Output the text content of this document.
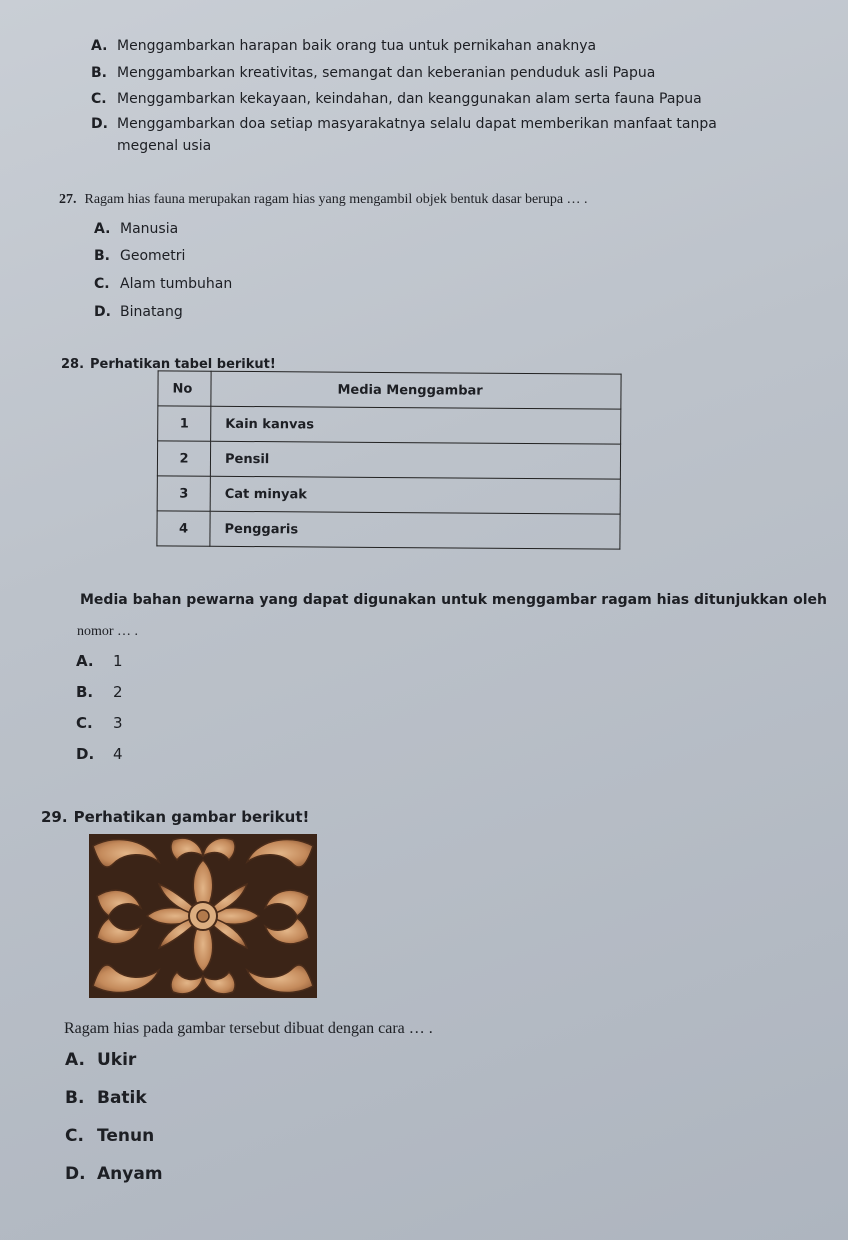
A. Menggambarkan harapan baik orang tua untuk pernikahan anaknya
B. Menggambarkan kreativitas, semangat dan keberanian penduduk asli Papua
C. Menggambarkan kekayaan, keindahan, dan keanggunakan alam serta fauna Papua
D. Menggambarkan doa setiap masyarakatnya selalu dapat memberikan manfaat tanpa
megenal usia
27. Ragam hias fauna merupakan ragam hias yang mengambil objek bentuk dasar berupa … .
A. Manusia
B. Geometri
C. Alam tumbuhan
D. Binatang
28. Perhatikan tabel berikut!
No	Media Menggambar
1	Kain kanvas
2	Pensil
3	Cat minyak
4	Penggaris
Media bahan pewarna yang dapat digunakan untuk menggambar ragam hias ditunjukkan oleh
nomor … .
A. 1
B. 2
C. 3
D. 4
29. Perhatikan gambar berikut!
Ragam hias pada gambar tersebut dibuat dengan cara … .
A. Ukir
B. Batik
C. Tenun
D. Anyam
